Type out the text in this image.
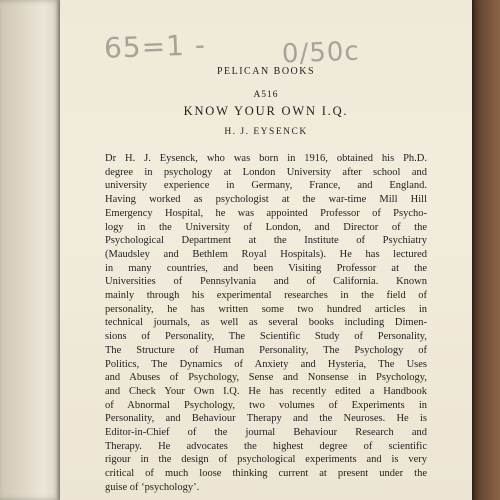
65=1 -	0/50c
PELICAN BOOKS
A516
KNOW YOUR OWN I.Q.
H. J. EYSENCK
Dr H. J. Eysenck, who was born in 1916, obtained his Ph.D.
degree in psychology at London University after school and
university experience in Germany, France, and England.
Having worked as psychologist at the war-time Mill Hill
Emergency Hospital, he was appointed Professor of Psycho-
logy in the University of London, and Director of the
Psychological Department at the Institute of Psychiatry
(Maudsley and Bethlem Royal Hospitals). He has lectured
in many countries, and been Visiting Professor at the
Universities of Pennsylvania and of California. Known
mainly through his experimental researches in the field of
personality, he has written some two hundred articles in
technical journals, as well as several books including Dimen-
sions of Personality, The Scientific Study of Personality,
The Structure of Human Personality, The Psychology of
Politics, The Dynamics of Anxiety and Hysteria, The Uses
and Abuses of Psychology, Sense and Nonsense in Psychology,
and Check Your Own I.Q. He has recently edited a Handbook
of Abnormal Psychology, two volumes of Experiments in
Personality, and Behaviour Therapy and the Neuroses. He is
Editor-in-Chief of the journal Behaviour Research and
Therapy. He advocates the highest degree of scientific
rigour in the design of psychological experiments and is very
critical of much loose thinking current at present under the
guise of ‘psychology’.
